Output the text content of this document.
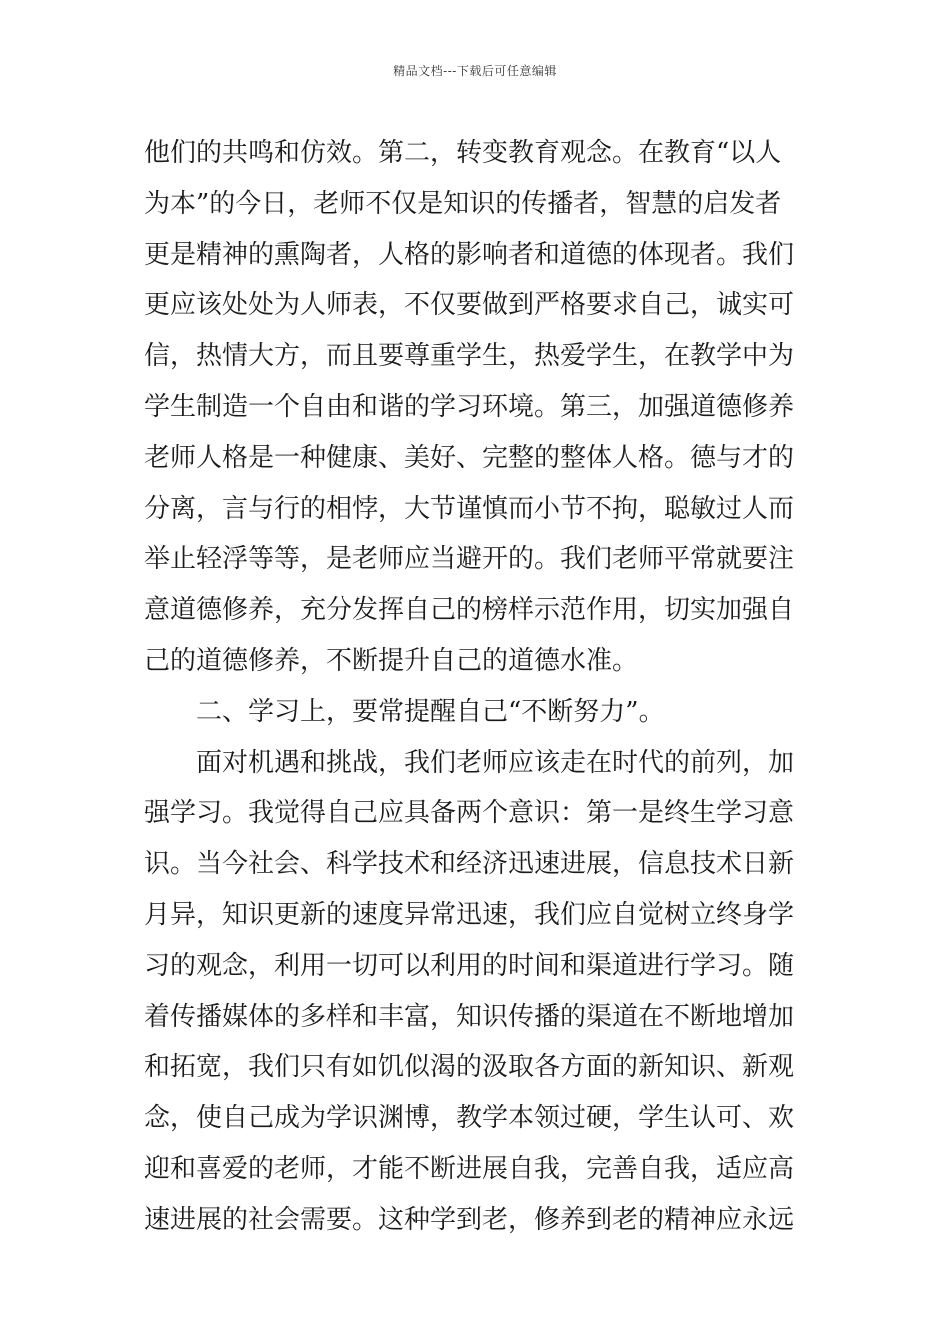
精品文档---下载后可任意编辑
他们的共鸣和仿效。第二，转变教育观念。在教育“以人
为本”的今日，老师不仅是知识的传播者，智慧的启发者
更是精神的熏陶者，人格的影响者和道德的体现者。我们
更应该处处为人师表，不仅要做到严格要求自己，诚实可
信，热情大方，而且要尊重学生，热爱学生，在教学中为
学生制造一个自由和谐的学习环境。第三，加强道德修养
老师人格是一种健康、美好、完整的整体人格。德与才的
分离，言与行的相悖，大节谨慎而小节不拘，聪敏过人而
举止轻浮等等，是老师应当避开的。我们老师平常就要注
意道德修养，充分发挥自己的榜样示范作用，切实加强自
己的道德修养，不断提升自己的道德水准。
二、学习上，要常提醒自己“不断努力”。
面对机遇和挑战，我们老师应该走在时代的前列，加
强学习。我觉得自己应具备两个意识：第一是终生学习意
识。当今社会、科学技术和经济迅速进展，信息技术日新
月异，知识更新的速度异常迅速，我们应自觉树立终身学
习的观念，利用一切可以利用的时间和渠道进行学习。随
着传播媒体的多样和丰富，知识传播的渠道在不断地增加
和拓宽，我们只有如饥似渴的汲取各方面的新知识、新观
念，使自己成为学识渊博，教学本领过硬，学生认可、欢
迎和喜爱的老师，才能不断进展自我，完善自我，适应高
速进展的社会需要。这种学到老，修养到老的精神应永远
